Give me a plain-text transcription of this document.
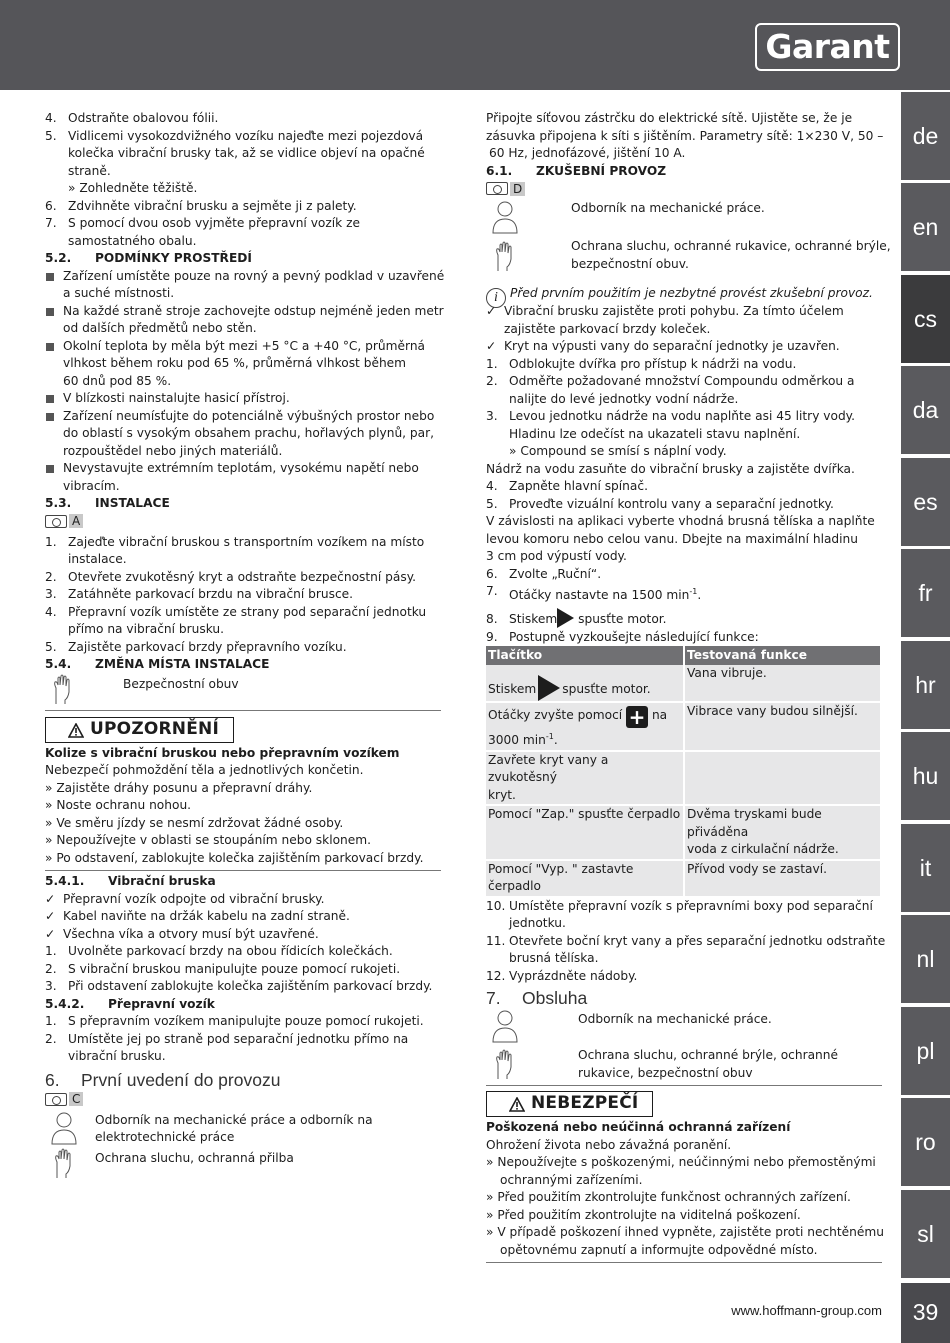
Garant
de
en
cs
da
es
fr
hr
hu
it
nl
pl
ro
sl
39
www.hoffmann-group.com
4. Odstraňte obalovou fólii.
5. Vidlicemi vysokozdvižného vozíku najeďte mezi pojezdová
kolečka vibrační brusky tak, až se vidlice objeví na opačné
straně.
» Zohledněte těžiště.
6. Zdvihněte vibrační brusku a sejměte ji z palety.
7. S pomocí dvou osob vyjměte přepravní vozík ze
samostatného obalu.
5.2. PODMÍNKY PROSTŘEDÍ
Zařízení umístěte pouze na rovný a pevný podklad v uzavřené
a suché místnosti.
Na každé straně stroje zachovejte odstup nejméně jeden metr
od dalších předmětů nebo stěn.
Okolní teplota by měla být mezi +5 °C a +40 °C, průměrná
vlhkost během roku pod 65 %, průměrná vlhkost během
60 dnů pod 85 %.
V blízkosti nainstalujte hasicí přístroj.
Zařízení neumísťujte do potenciálně výbušných prostor nebo
do oblastí s vysokým obsahem prachu, hořlavých plynů, par,
rozpouštědel nebo jiných materiálů.
Nevystavujte extrémním teplotám, vysokému napětí nebo
vibracím.
5.3. INSTALACE
A
1. Zajeďte vibrační bruskou s transportním vozíkem na místo
instalace.
2. Otevřete zvukotěsný kryt a odstraňte bezpečnostní pásy.
3. Zatáhněte parkovací brzdu na vibrační brusce.
4. Přepravní vozík umístěte ze strany pod separační jednotku
přímo na vibrační brusku.
5. Zajistěte parkovací brzdy přepravního vozíku.
5.4. ZMĚNA MÍSTA INSTALACE
Bezpečnostní obuv
UPOZORNĚNÍ
Kolize s vibrační bruskou nebo přepravním vozíkem
Nebezpečí pohmoždění těla a jednotlivých končetin.
» Zajistěte dráhy posunu a přepravní dráhy.
» Noste ochranu nohou.
» Ve směru jízdy se nesmí zdržovat žádné osoby.
» Nepoužívejte v oblasti se stoupáním nebo sklonem.
» Po odstavení, zablokujte kolečka zajištěním parkovací brzdy.
5.4.1. Vibrační bruska
✓ Přepravní vozík odpojte od vibrační brusky.
✓ Kabel naviňte na držák kabelu na zadní straně.
✓ Všechna víka a otvory musí být uzavřené.
1. Uvolněte parkovací brzdy na obou řídicích kolečkách.
2. S vibrační bruskou manipulujte pouze pomocí rukojeti.
3. Při odstavení zablokujte kolečka zajištěním parkovací brzdy.
5.4.2. Přepravní vozík
1. S přepravním vozíkem manipulujte pouze pomocí rukojeti.
2. Umístěte jej po straně pod separační jednotku přímo na
vibrační brusku.
6. První uvedení do provozu
C
Odborník na mechanické práce a odborník na
elektrotechnické práce
Ochrana sluchu, ochranná přilba
Připojte síťovou zástrčku do elektrické sítě. Ujistěte se, že je
zásuvka připojena k síti s jištěním. Parametry sítě: 1×230 V, 50 –
60 Hz, jednofázové, jištění 10 A.
6.1. ZKUŠEBNÍ PROVOZ
D
Odborník na mechanické práce.
Ochrana sluchu, ochranné rukavice, ochranné brýle,
bezpečnostní obuv.
i Před prvním použitím je nezbytné provést zkušební provoz.
✓ Vibrační brusku zajistěte proti pohybu. Za tímto účelem
zajistěte parkovací brzdy koleček.
✓ Kryt na výpusti vany do separační jednotky je uzavřen.
1. Odblokujte dvířka pro přístup k nádrži na vodu.
2. Odměřte požadované množství Compoundu odměrkou a
nalijte do levé jednotky vodní nádrže.
3. Levou jednotku nádrže na vodu naplňte asi 45 litry vody.
Hladinu lze odečíst na ukazateli stavu naplnění.
» Compound se smísí s náplní vody.
Nádrž na vodu zasuňte do vibrační brusky a zajistěte dvířka.
4. Zapněte hlavní spínač.
5. Proveďte vizuální kontrolu vany a separační jednotky.
V závislosti na aplikaci vyberte vhodná brusná tělíska a naplňte
levou komoru nebo celou vanu. Dbejte na maximální hladinu
3 cm pod výpustí vody.
6. Zvolte „Ruční“.
7. Otáčky nastavte na 1500 $\min^{-1}$.
8. Stiskem spusťte motor.
9. Postupně vyzkoušejte následující funkce:
Tlačítko	Testovaná funkce
Stiskem spusťte motor.	Vana vibruje.

Otáčky zvyšte pomocí + na
3000 $\min^{-1}$.	Vibrace vany budou silnější.

Zavřete kryt vany a zvukotěsný
kryt.	

Pomocí "Zap." spusťte čerpadlo	Dvěma tryskami bude přiváděna
voda z cirkulační nádrže.

Pomocí "Vyp. " zastavte
čerpadlo	Přívod vody se zastaví.
10. Umístěte přepravní vozík s přepravními boxy pod separační
jednotku.
11. Otevřete boční kryt vany a přes separační jednotku odstraňte
brusná tělíska.
12. Vyprázdněte nádoby.
7. Obsluha
Odborník na mechanické práce.
Ochrana sluchu, ochranné brýle, ochranné
rukavice, bezpečnostní obuv
NEBEZPEČÍ
Poškozená nebo neúčinná ochranná zařízení
Ohrožení života nebo závažná poranění.
» Nepoužívejte s poškozenými, neúčinnými nebo přemostěnými
ochrannými zařízeními.
» Před použitím zkontrolujte funkčnost ochranných zařízení.
» Před použitím zkontrolujte na viditelná poškození.
» V případě poškození ihned vypněte, zajistěte proti nechtěnému
opětovnému zapnutí a informujte odpovědné místo.
